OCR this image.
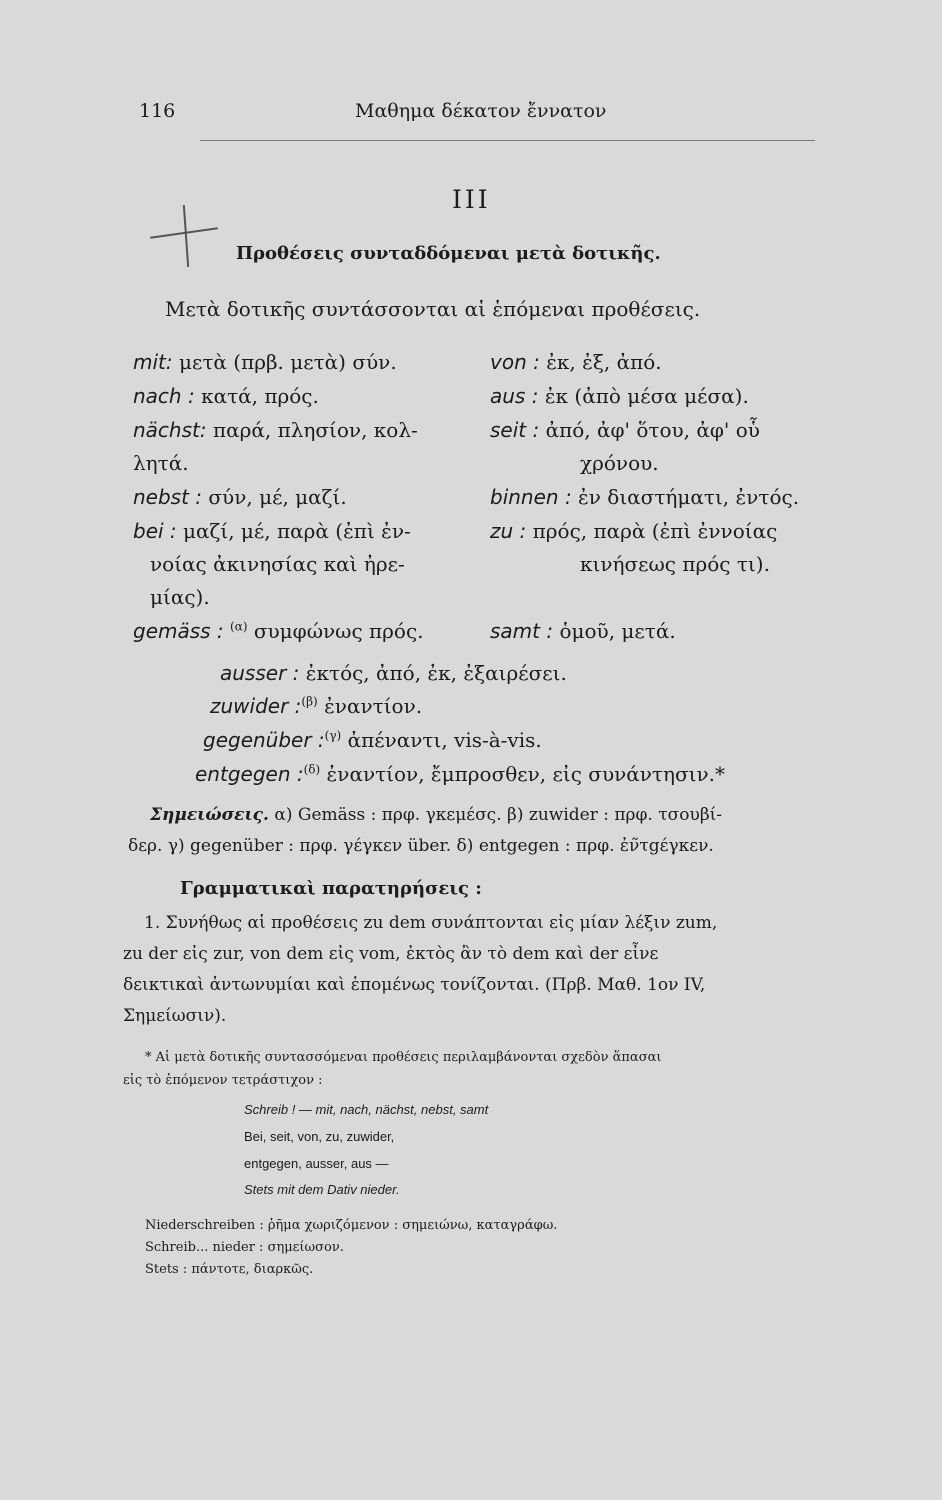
116	Μαθημα δέκατον ἔννατον
III
Προθέσεις συνταδδόμεναι μετὰ δοτικῆς.
Μετὰ δοτικῆς συντάσσονται αἱ ἑπόμεναι προθέσεις.
mit: μετὰ (πρβ. μετὰ) σύν.
nach : κατά, πρός.
nächst: παρά, πλησίον, κολ-
λητά.
nebst : σύν, μέ, μαζί.
bei : μαζί, μέ, παρὰ (ἐπὶ ἐν-
νοίας ἀκινησίας καὶ ἠρε-
μίας).
gemäss : $^{(\alpha)}$ συμφώνως πρός.
von : ἐκ, ἐξ, ἀπό.
aus : ἐκ (ἀπὸ μέσα μέσα).
seit : ἀπό, ἀφ' ὅτου, ἀφ' οὗ
χρόνου.
binnen : ἐν διαστήματι, ἐντός.
zu : πρός, παρὰ (ἐπὶ ἐννοίας
κινήσεως πρός τι).
samt : ὁμοῦ, μετά.
ausser : ἐκτός, ἀπό, ἐκ, ἐξαιρέσει.
zuwider :$^{(\beta)}$ ἐναντίον.
gegenüber :$^{(\gamma)}$ ἀπέναντι, vis-à-vis.
entgegen :$^{(\delta)}$ ἐναντίον, ἔμπροσθεν, εἰς συνάντησιν.*
Σημειώσεις. α) Gemäss : πρφ. γκεμέσς. β) zuwider : πρφ. τσουβί-
δερ. γ) gegenüber : πρφ. γέγκεν über. δ) entgegen : πρφ. ἐν̃τgέγκεν.
Γραμματικαὶ παρατηρήσεις :
1. Συνήθως αἱ προθέσεις zu dem συνάπτονται εἰς μίαν λέξιν zum,
zu der εἰς zur, von dem εἰς vom, ἐκτὸς ἂν τὸ dem καὶ der εἶνε
δεικτικαὶ ἀντωνυμίαι καὶ ἑπομένως τονίζονται. (Πρβ. Μαθ. 1ον IV,
Σημείωσιν).
* Αἱ μετὰ δοτικῆς συντασσόμεναι προθέσεις περιλαμβάνονται σχεδὸν ἅπασαι
εἰς τὸ ἑπόμενον τετράστιχον :
Schreib ! — mit, nach, nächst, nebst, samt
Bei, seit, von, zu, zuwider,
entgegen, ausser, aus —
Stets mit dem Dativ nieder.
Niederschreiben : ῥῆμα χωριζόμενον : σημειώνω, καταγράφω.
Schreib... nieder : σημείωσον.
Stets : πάντοτε, διαρκῶς.
